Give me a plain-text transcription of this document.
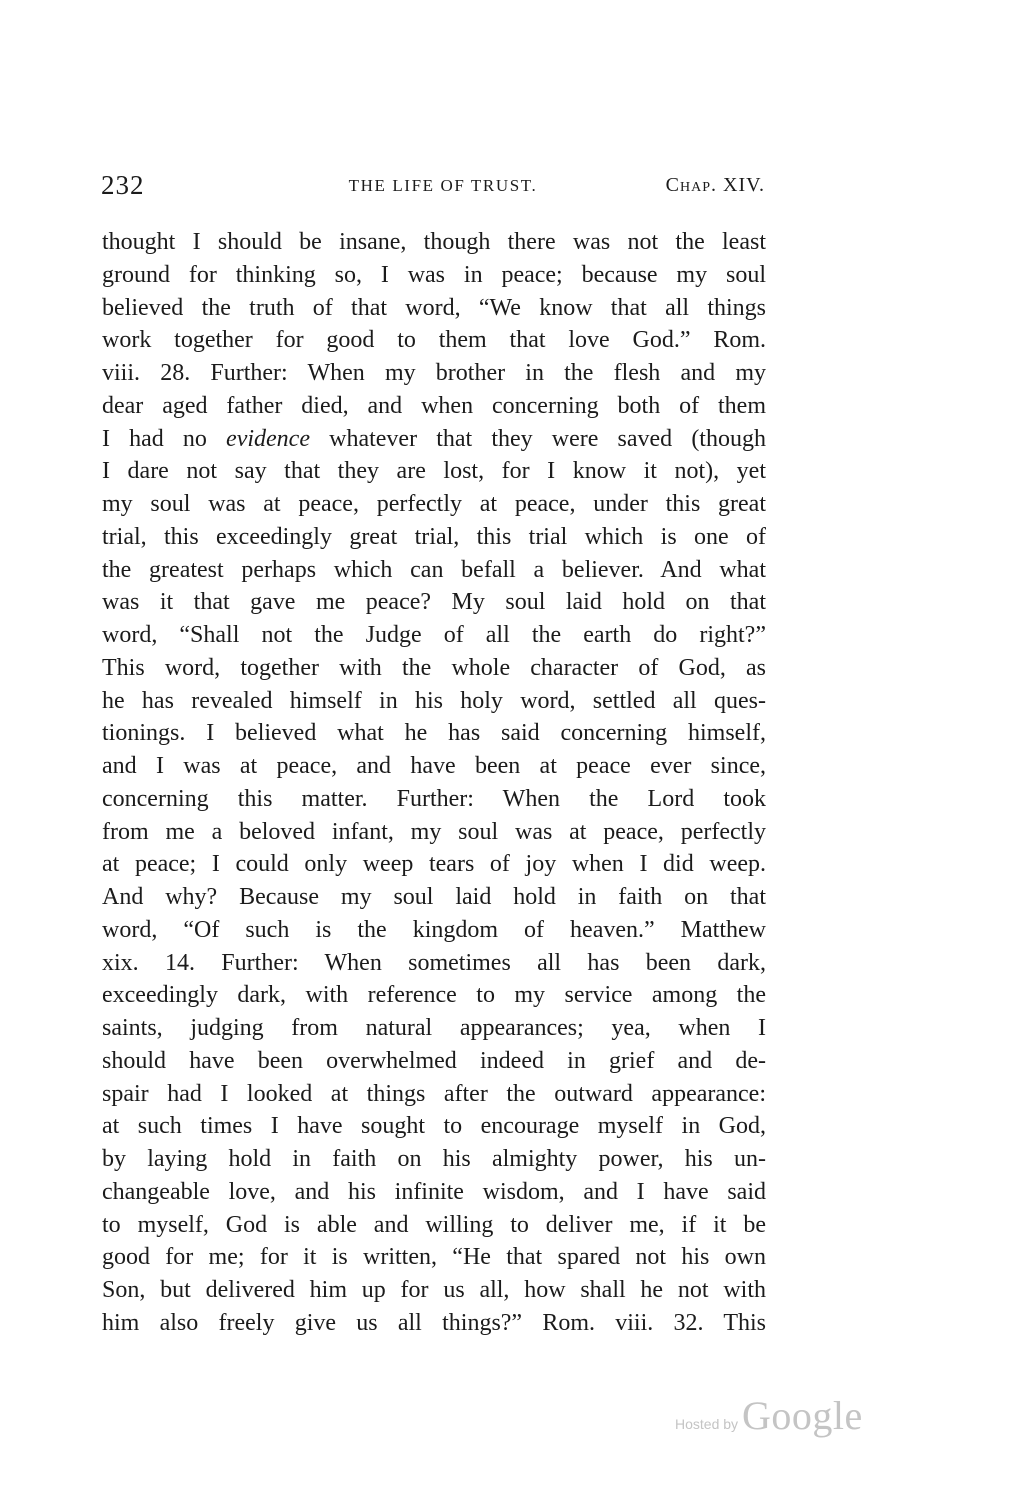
232	THE LIFE OF TRUST.	Chap. XIV.
thought I should be insane, though there was not the least
ground for thinking so, I was in peace; because my soul
believed the truth of that word, “We know that all things
work together for good to them that love God.” Rom.
viii. 28. Further: When my brother in the flesh and my
dear aged father died, and when concerning both of them
I had no evidence whatever that they were saved (though
I dare not say that they are lost, for I know it not), yet
my soul was at peace, perfectly at peace, under this great
trial, this exceedingly great trial, this trial which is one of
the greatest perhaps which can befall a believer. And what
was it that gave me peace? My soul laid hold on that
word, “Shall not the Judge of all the earth do right?”
This word, together with the whole character of God, as
he has revealed himself in his holy word, settled all ques-
tionings. I believed what he has said concerning himself,
and I was at peace, and have been at peace ever since,
concerning this matter. Further: When the Lord took
from me a beloved infant, my soul was at peace, perfectly
at peace; I could only weep tears of joy when I did weep.
And why? Because my soul laid hold in faith on that
word, “Of such is the kingdom of heaven.” Matthew
xix. 14. Further: When sometimes all has been dark,
exceedingly dark, with reference to my service among the
saints, judging from natural appearances; yea, when I
should have been overwhelmed indeed in grief and de-
spair had I looked at things after the outward appearance:
at such times I have sought to encourage myself in God,
by laying hold in faith on his almighty power, his un-
changeable love, and his infinite wisdom, and I have said
to myself, God is able and willing to deliver me, if it be
good for me; for it is written, “He that spared not his own
Son, but delivered him up for us all, how shall he not with
him also freely give us all things?” Rom. viii. 32. This
Hosted by Google
